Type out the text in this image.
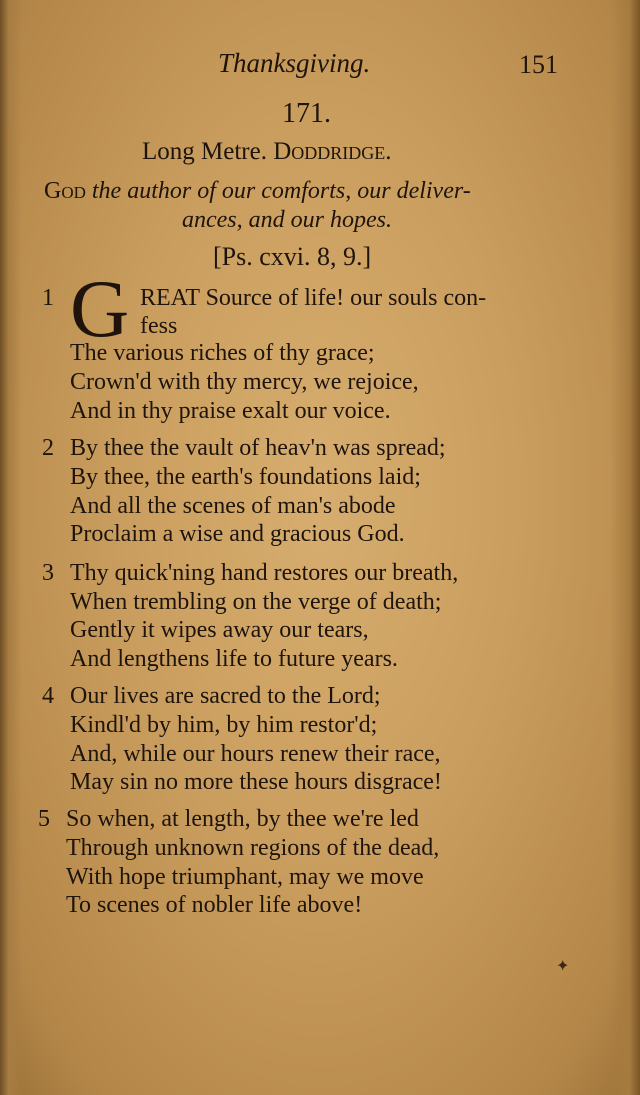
Thanksgiving.	151
171.
Long Metre. Doddridge.
God the author of our comforts, our deliver-
ances, and our hopes.
[Ps. cxvi. 8, 9.]
1 G REAT Source of life! our souls con-
fess
The various riches of thy grace;
Crown'd with thy mercy, we rejoice,
And in thy praise exalt our voice.
2 By thee the vault of heav'n was spread;
By thee, the earth's foundations laid;
And all the scenes of man's abode
Proclaim a wise and gracious God.
3 Thy quick'ning hand restores our breath,
When trembling on the verge of death;
Gently it wipes away our tears,
And lengthens life to future years.
4 Our lives are sacred to the Lord;
Kindl'd by him, by him restor'd;
And, while our hours renew their race,
May sin no more these hours disgrace!
5 So when, at length, by thee we're led
Through unknown regions of the dead,
With hope triumphant, may we move
To scenes of nobler life above!
✦
